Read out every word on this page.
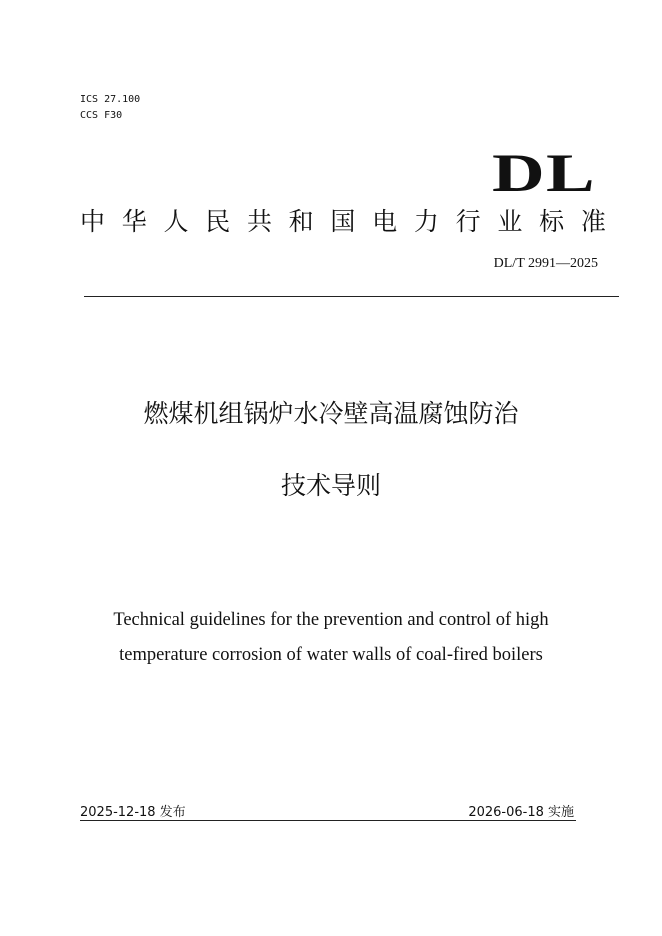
ICS 27.100
CCS F30
DL
中 华 人 民 共 和 国 电 力 行 业 标 准
DL/T 2991—2025
燃煤机组锅炉水冷壁高温腐蚀防治
技术导则
Technical guidelines for the prevention and control of high
temperature corrosion of water walls of coal-fired boilers
2025-12-18 发布	2026-06-18 实施
